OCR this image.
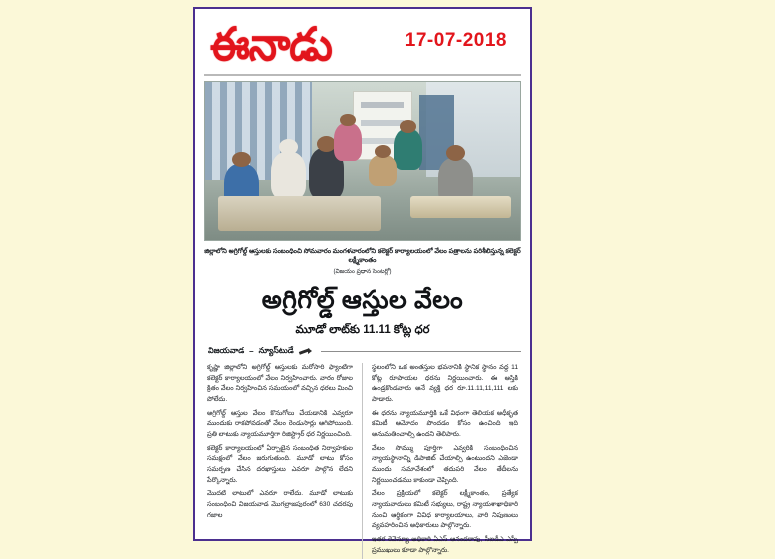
ఈనాడు	17-07-2018
జిల్లాలోని అగ్రిగోల్డ్ ఆస్తులకు సంబంధించి సోమవారం మంగళవారంలోని కలెక్టర్ కార్యాలయంలో వేలం పత్రాలను పరిశీలిస్తున్న కలెక్టర్ లక్ష్మీకాంతం
(విజయం ప్రధాన సెంటర్లో)
అగ్రిగోల్డ్ ఆస్తుల వేలం
మూడో లాట్‌కు 11.11 కోట్ల ధర
విజయవాడ – న్యూస్‌టుడే

కృష్ణా జిల్లాలోని అగ్రిగోల్డ్ ఆస్తులకు మరోసారి ఫ్యాంటిగా కలెక్టర్ కార్యాలయంలో వేలం నిర్వహించారు. వారం రోజుల క్రితం వేలం నిర్వహించిన సమయంలో వచ్చిన ధరలు మించి పోలేదు.

అగ్రిగోల్డ్ ఆస్తుల వేలం కొనుగోలు చేయడానికి ఎవ్వరూ ముందుకు రాకపోవడంతో వేలం రెండుసార్లు ఆగిపోయింది. ప్రతి లాటుకు న్యాయమూర్తిగా రిజిస్ట్రార్ ధర నిర్ణయించింది.

కలెక్టర్ కార్యాలయంలో ఏర్పాటైన సంబంధిత నిర్వాహకుల సమక్షంలో వేలం జరుగుతుంది. మూడో లాటు కోసం సమర్పణ చేసిన దరఖాస్తులు ఎవరూ పాల్గొన లేదని పేర్కొన్నారు.

మొదటి లాటులో ఎవరూ రాలేదు. మూడో లాటుకు సంబంధించి విజయవాడ మొగల్రాజపురంలో 630 చదరపు గజాల

స్థలంలోని ఒక అంతస్తుల భవనానికి స్థానిక స్థానం వద్ద 11 కోట్ల రూపాయల ధరను నిర్ణయించారు. ఈ ఆస్తికి ఉండ్రకొండవారు అనే వ్యక్తి ధర రూ.11.11,11,111 లకు పాడారు.

ఈ ధరను న్యాయమూర్తికి ఒకే విధంగా తెలియక అధీకృత కమిటీ ఆమోదం పొందడం కోసం ఉంచింది ఇది అనుమతించాల్సి ఉందని తెలిపారు.

వేలం సొమ్ము పూర్తిగా ఎవ్వరికి సంబంధించిన న్యాయస్థానాన్ని డిపాజిట్ చేయాల్సి ఉంటుందని ఎజెండా ముందు సమావేశంలో తదుపరి వేలం తేదీలను నిర్ణయించడము కాకుండా చెప్పింది.

వేలం ప్రక్రియలో కలెక్టర్ లక్ష్మీకాంతం, ప్రత్యేక న్యాయవాదులు కమిటీ సభ్యులు, రాష్ట్ర న్యాయశాఖాధికారి నుంచి ఆర్థికంగా వివిధ కార్యాలయాలు, వారి నిపుణులు వ్యవహరించిన అధికారులు పాల్గొన్నారు.

ఇతర రెవెన్యూ అధికారి ఏఎస్ ఆనందరావు, సీఐడీఎ ఎస్పీ ప్రముఖులు కూడా పాల్గొన్నారు.
